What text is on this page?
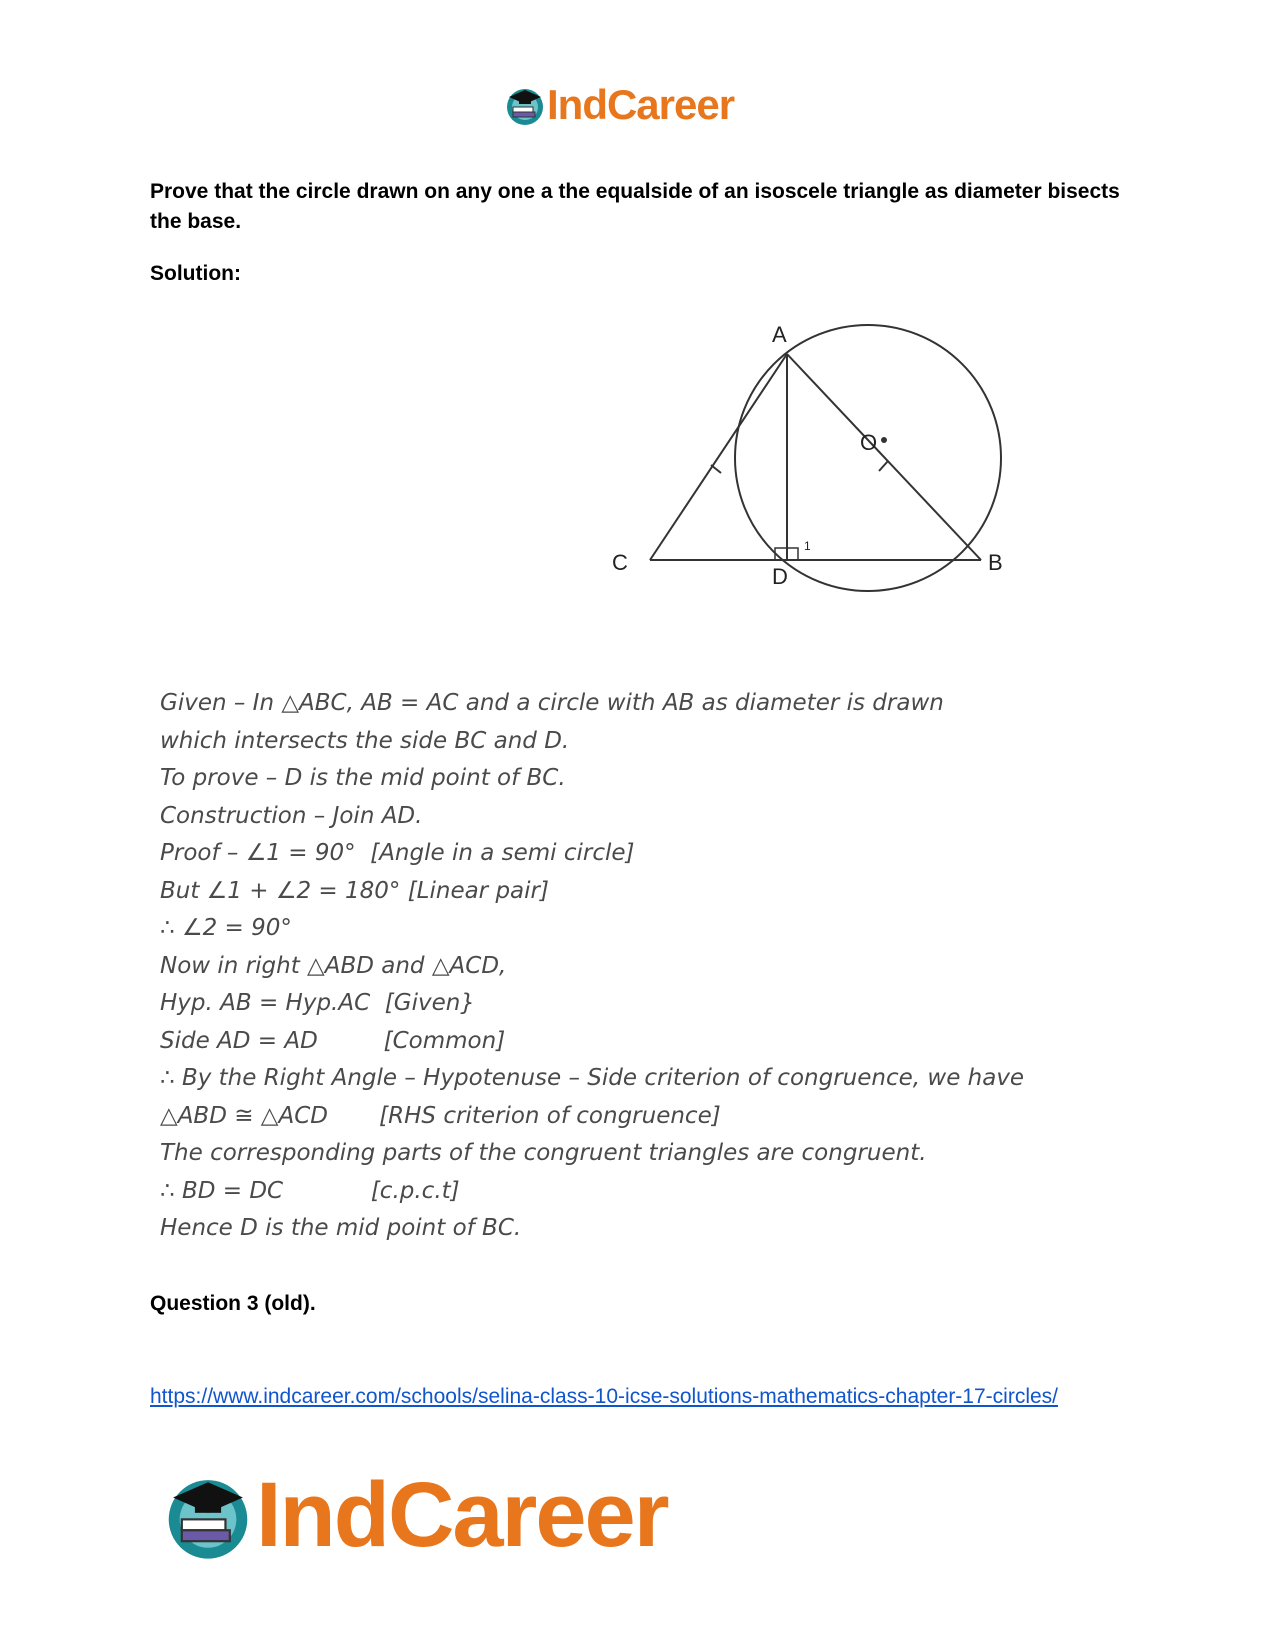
IndCareer

Prove that the circle drawn on any one a the equalside of an isoscele triangle as diameter bisects the base.

Solution:

A
O
C	B
D
1
Given – In △ABC, AB = AC and a circle with AB as diameter is drawn
which intersects the side BC and D.
To prove – D is the mid point of BC.
Construction – Join AD.
Proof – ∠1 = 90°  [Angle in a semi circle]
But ∠1 + ∠2 = 180° [Linear pair]
∴ ∠2 = 90°
Now in right △ABD and △ACD,
Hyp. AB = Hyp.AC  [Given}
Side AD = AD         [Common]
∴ By the Right Angle – Hypotenuse – Side criterion of congruence, we have
△ABD ≅ △ACD       [RHS criterion of congruence]
The corresponding parts of the congruent triangles are congruent.
∴ BD = DC            [c.p.c.t]
Hence D is the mid point of BC.

Question 3 (old).

https://www.indcareer.com/schools/selina-class-10-icse-solutions-mathematics-chapter-17-circles/
IndCareer
